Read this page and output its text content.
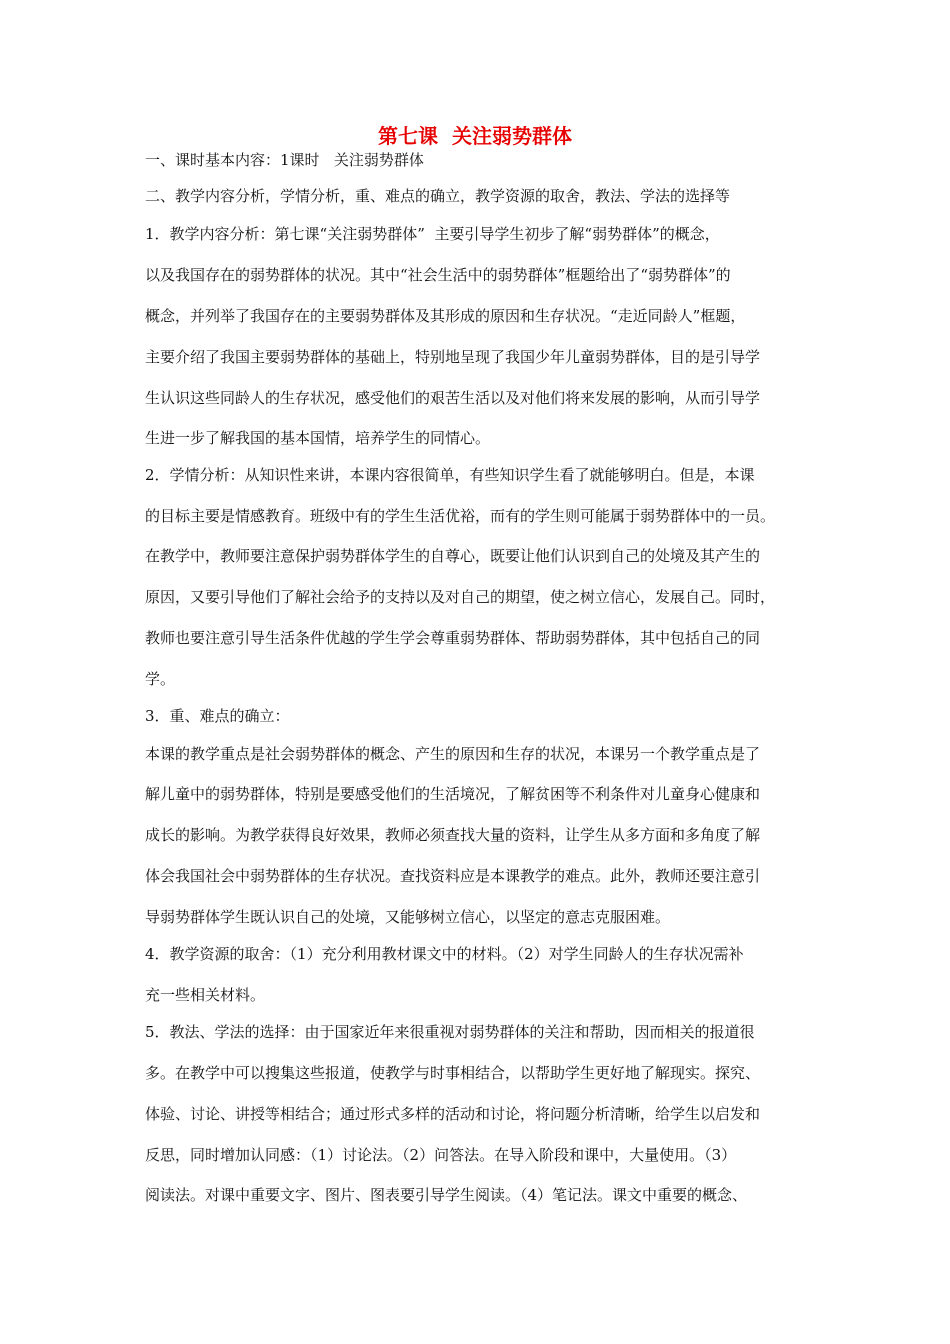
第七课  关注弱势群体
一、课时基本内容：1课时   关注弱势群体
二、教学内容分析，学情分析，重、难点的确立，教学资源的取舍，教法、学法的选择等
1．教学内容分析：第七课“关注弱势群体”  主要引导学生初步了解“弱势群体”的概念，
以及我国存在的弱势群体的状况。其中“社会生活中的弱势群体”框题给出了“弱势群体”的
概念，并列举了我国存在的主要弱势群体及其形成的原因和生存状况。“走近同龄人”框题，
主要介绍了我国主要弱势群体的基础上，特别地呈现了我国少年儿童弱势群体，目的是引导学
生认识这些同龄人的生存状况，感受他们的艰苦生活以及对他们将来发展的影响，从而引导学
生进一步了解我国的基本国情，培养学生的同情心。
2．学情分析：从知识性来讲，本课内容很简单，有些知识学生看了就能够明白。但是，本课
的目标主要是情感教育。班级中有的学生生活优裕，而有的学生则可能属于弱势群体中的一员。
在教学中，教师要注意保护弱势群体学生的自尊心，既要让他们认识到自己的处境及其产生的
原因，又要引导他们了解社会给予的支持以及对自己的期望，使之树立信心，发展自己。同时，
教师也要注意引导生活条件优越的学生学会尊重弱势群体、帮助弱势群体，其中包括自己的同
学。
3．重、难点的确立：
本课的教学重点是社会弱势群体的概念、产生的原因和生存的状况，本课另一个教学重点是了
解儿童中的弱势群体，特别是要感受他们的生活境况，了解贫困等不利条件对儿童身心健康和
成长的影响。为教学获得良好效果，教师必须查找大量的资料，让学生从多方面和多角度了解
体会我国社会中弱势群体的生存状况。查找资料应是本课教学的难点。此外，教师还要注意引
导弱势群体学生既认识自己的处境，又能够树立信心，以坚定的意志克服困难。
4．教学资源的取舍：（1）充分利用教材课文中的材料。（2）对学生同龄人的生存状况需补
充一些相关材料。
5．教法、学法的选择：由于国家近年来很重视对弱势群体的关注和帮助，因而相关的报道很
多。在教学中可以搜集这些报道，使教学与时事相结合，以帮助学生更好地了解现实。探究、
体验、讨论、讲授等相结合；通过形式多样的活动和讨论，将问题分析清晰，给学生以启发和
反思，同时增加认同感：（1）讨论法。（2）问答法。在导入阶段和课中，大量使用。（3）
阅读法。对课中重要文字、图片、图表要引导学生阅读。（4）笔记法。课文中重要的概念、
